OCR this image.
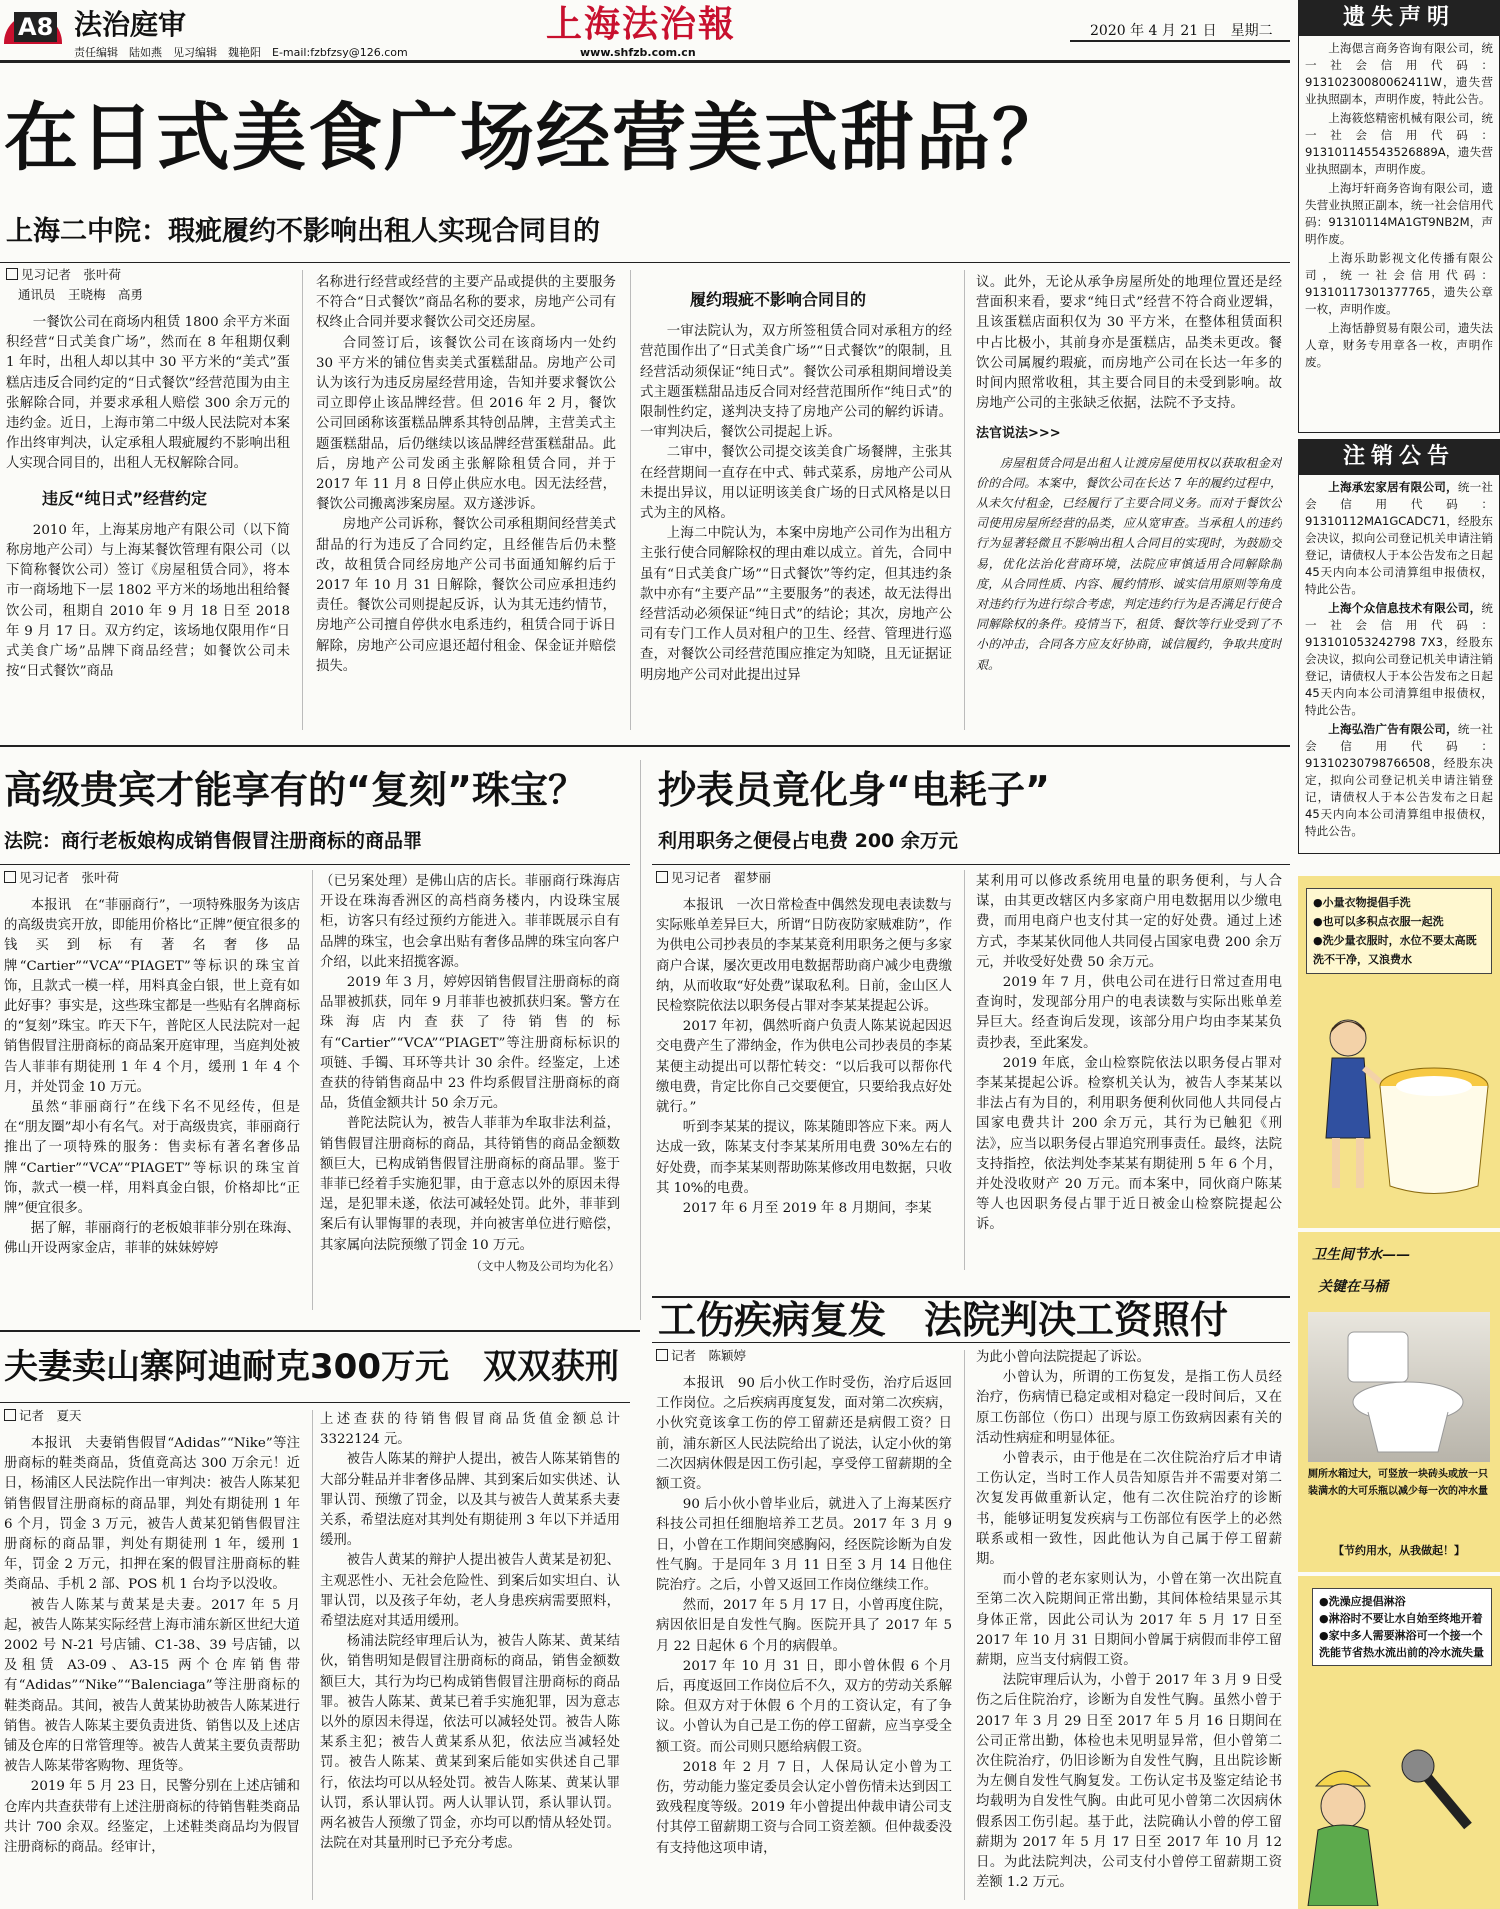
A8 法治庭审
责任编辑　陆如燕　见习编辑　魏艳阳　E-mail:fzbfzsy@126.com
上海法治報
www.shfzb.com.cn
2020 年 4 月 21 日　星期二
在日式美食广场经营美式甜品？
上海二中院：瑕疵履约不影响出租人实现合同目的
见习记者　张叶荷
通讯员　王晓梅　高勇

一餐饮公司在商场内租赁 1800 余平方米面积经营“日式美食广场”，然而在 8 年租期仅剩 1 年时，出租人却以其中 30 平方米的“美式”蛋糕店违反合同约定的“日式餐饮”经营范围为由主张解除合同，并要求承租人赔偿 300 余万元的违约金。近日，上海市第二中级人民法院对本案作出终审判决，认定承租人瑕疵履约不影响出租人实现合同目的，出租人无权解除合同。

违反“纯日式”经营约定

2010 年，上海某房地产有限公司（以下简称房地产公司）与上海某餐饮管理有限公司（以下简称餐饮公司）签订《房屋租赁合同》，将本市一商场地下一层 1802 平方米的场地出租给餐饮公司，租期自 2010 年 9 月 18 日至 2018 年 9 月 17 日。双方约定，该场地仅限用作“日式美食广场”品牌下商品经营；如餐饮公司未按“日式餐饮”商品

名称进行经营或经营的主要产品或提供的主要服务不符合“日式餐饮”商品名称的要求，房地产公司有权终止合同并要求餐饮公司交还房屋。

合同签订后，该餐饮公司在该商场内一处约 30 平方米的铺位售卖美式蛋糕甜品。房地产公司认为该行为违反房屋经营用途，告知并要求餐饮公司立即停止该品牌经营。但 2016 年 2 月，餐饮公司回函称该蛋糕品牌系其特创品牌，主营美式主题蛋糕甜品，后仍继续以该品牌经营蛋糕甜品。此后，房地产公司发函主张解除租赁合同，并于 2017 年 11 月 8 日停止供应水电。因无法经营，餐饮公司搬离涉案房屋。双方遂涉诉。

房地产公司诉称，餐饮公司承租期间经营美式甜品的行为违反了合同约定，且经催告后仍未整改，故租赁合同经房地产公司书面通知解约后于 2017 年 10 月 31 日解除，餐饮公司应承担违约责任。餐饮公司则提起反诉，认为其无违约情节，房地产公司擅自停供水电系违约，租赁合同于诉日解除，房地产公司应退还超付租金、保金证并赔偿损失。

履约瑕疵不影响合同目的

一审法院认为，双方所签租赁合同对承租方的经营范围作出了“日式美食广场”“日式餐饮”的限制，且经营活动须保证“纯日式”。餐饮公司承租期间增设美式主题蛋糕甜品违反合同对经营范围所作“纯日式”的限制性约定，遂判决支持了房地产公司的解约诉请。一审判决后，餐饮公司提起上诉。

二审中，餐饮公司提交该美食广场餐牌，主张其在经营期间一直存在中式、韩式菜系，房地产公司从未提出异议，用以证明该美食广场的日式风格是以日式为主的风格。

上海二中院认为，本案中房地产公司作为出租方主张行使合同解除权的理由难以成立。首先，合同中虽有“日式美食广场”“日式餐饮”等约定，但其违约条款中亦有“主要产品”“主要服务”的表述，故无法得出经营活动必须保证“纯日式”的结论；其次，房地产公司有专门工作人员对租户的卫生、经营、管理进行巡查，对餐饮公司经营范围应推定为知晓，且无证据证明房地产公司对此提出过异

议。此外，无论从承争房屋所处的地理位置还是经营面积来看，要求“纯日式”经营不符合商业逻辑，且该蛋糕店面积仅为 30 平方米，在整体租赁面积中占比极小，其前身亦是蛋糕店，品类未更改。餐饮公司属履约瑕疵，而房地产公司在长达一年多的时间内照常收租，其主要合同目的未受到影响。故房地产公司的主张缺乏依据，法院不予支持。

法官说法>>>

房屋租赁合同是出租人让渡房屋使用权以获取租金对价的合同。本案中，餐饮公司在长达 7 年的履约过程中，从未欠付租金，已经履行了主要合同义务。而对于餐饮公司使用房屋所经营的品类，应从宽审查。当承租人的违约行为显著轻微且不影响出租人合同目的实现时，为鼓励交易，优化法治化营商环境，法院应审慎适用合同解除制度，从合同性质、内容、履约情形、诚实信用原则等角度对违约行为进行综合考虑，判定违约行为是否满足行使合同解除权的条件。疫情当下，租赁、餐饮等行业受到了不小的冲击，合同各方应友好协商，诚信履约，争取共度时艰。

高级贵宾才能享有的“复刻”珠宝？
法院：商行老板娘构成销售假冒注册商标的商品罪
见习记者　张叶荷

本报讯　在“菲丽商行”，一项特殊服务为该店的高级贵宾开放，即能用价格比“正牌”便宜很多的钱买到标有著名奢侈品牌“Cartier”“VCA”“PIAGET”等标识的珠宝首饰，且款式一模一样，用料真金白银，世上竟有如此好事？事实是，这些珠宝都是一些贴有名牌商标的“复刻”珠宝。昨天下午，普陀区人民法院对一起销售假冒注册商标的商品案开庭审理，当庭判处被告人菲菲有期徒刑 1 年 4 个月，缓刑 1 年 4 个月，并处罚金 10 万元。

虽然“菲丽商行”在线下名不见经传，但是在“朋友圈”却小有名气。对于高级贵宾，菲丽商行推出了一项特殊的服务：售卖标有著名奢侈品牌“Cartier”“VCA”“PIAGET”等标识的珠宝首饰，款式一模一样，用料真金白银，价格却比“正牌”便宜很多。

据了解，菲丽商行的老板娘菲菲分别在珠海、佛山开设两家金店，菲菲的妹妹婷婷

（已另案处理）是佛山店的店长。菲丽商行珠海店开设在珠海香洲区的高档商务楼内，内设珠宝展柜，访客只有经过预约方能进入。菲菲既展示自有品牌的珠宝，也会拿出贴有奢侈品牌的珠宝向客户介绍，以此来招揽客源。

2019 年 3 月，婷婷因销售假冒注册商标的商品罪被抓获，同年 9 月菲菲也被抓获归案。警方在珠海店内查获了待销售的标有“Cartier”“VCA”“PIAGET”等注册商标标识的项链、手镯、耳环等共计 30 余件。经鉴定，上述查获的待销售商品中 23 件均系假冒注册商标的商品，货值金额共计 50 余万元。

普陀法院认为，被告人菲菲为牟取非法利益，销售假冒注册商标的商品，其待销售的商品金额数额巨大，已构成销售假冒注册商标的商品罪。鉴于菲菲已经着手实施犯罪，由于意志以外的原因未得逞，是犯罪未遂，依法可减轻处罚。此外，菲菲到案后有认罪悔罪的表现，并向被害单位进行赔偿，其家属向法院预缴了罚金 10 万元。

（文中人物及公司均为化名）

抄表员竟化身“电耗子”
利用职务之便侵占电费 200 余万元
见习记者　翟梦丽

本报讯　一次日常检查中偶然发现电表读数与实际账单差异巨大，所谓“日防夜防家贼难防”，作为供电公司抄表员的李某某竟利用职务之便与多家商户合谋，屡次更改用电数据帮助商户减少电费缴纳，从而收取“好处费”谋取私利。日前，金山区人民检察院依法以职务侵占罪对李某某提起公诉。

2017 年初，偶然听商户负责人陈某说起因迟交电费产生了滞纳金，作为供电公司抄表员的李某某便主动提出可以帮忙转交：“以后我可以帮你代缴电费，肯定比你自己交要便宜，只要给我点好处就行。”

听到李某某的提议，陈某随即答应下来。两人达成一致，陈某支付李某某所用电费 30%左右的好处费，而李某某则帮助陈某修改用电数据，只收其 10%的电费。

2017 年 6 月至 2019 年 8 月期间，李某

某利用可以修改系统用电量的职务便利，与人合谋，由其更改辖区内多家商户用电数据用以少缴电费，而用电商户也支付其一定的好处费。通过上述方式，李某某伙同他人共同侵占国家电费 200 余万元，并收受好处费 50 余万元。

2019 年 7 月，供电公司在进行日常过查用电查询时，发现部分用户的电表读数与实际出账单差异巨大。经查询后发现，该部分用户均由李某某负责抄表，至此案发。

2019 年底，金山检察院依法以职务侵占罪对李某某提起公诉。检察机关认为，被告人李某某以非法占有为目的，利用职务便利伙同他人共同侵占国家电费共计 200 余万元，其行为已触犯《刑法》，应当以职务侵占罪追究刑事责任。最终，法院支持指控，依法判处李某某有期徒刑 5 年 6 个月，并处没收财产 20 万元。而本案中，同伙商户陈某等人也因职务侵占罪于近日被金山检察院提起公诉。

夫妻卖山寨阿迪耐克300万元　双双获刑
记者　夏天

本报讯　夫妻销售假冒“Adidas”“Nike”等注册商标的鞋类商品，货值竟高达 300 万余元！近日，杨浦区人民法院作出一审判决：被告人陈某犯销售假冒注册商标的商品罪，判处有期徒刑 1 年 6 个月，罚金 3 万元，被告人黄某犯销售假冒注册商标的商品罪，判处有期徒刑 1 年，缓刑 1 年，罚金 2 万元，扣押在案的假冒注册商标的鞋类商品、手机 2 部、POS 机 1 台均予以没收。

被告人陈某与黄某是夫妻。2017 年 5 月起，被告人陈某实际经营上海市浦东新区世纪大道 2002 号 N-21 号店铺、C1-38、39 号店铺，以及租赁 A3-09、A3-15 两个仓库销售带有“Adidas”“Nike”“Balenciaga”等注册商标的鞋类商品。其间，被告人黄某协助被告人陈某进行销售。被告人陈某主要负责进货、销售以及上述店铺及仓库的日常管理等。被告人黄某主要负责帮助被告人陈某带客购物、理货等。

2019 年 5 月 23 日，民警分别在上述店铺和仓库内共查获带有上述注册商标的待销售鞋类商品共计 700 余双。经鉴定，上述鞋类商品均为假冒注册商标的商品。经审计，

上述查获的待销售假冒商品货值金额总计 3322124 元。

被告人陈某的辩护人提出，被告人陈某销售的大部分鞋品并非奢侈品牌、其到案后如实供述、认罪认罚、预缴了罚金，以及其与被告人黄某系夫妻关系，希望法庭对其判处有期徒刑 3 年以下并适用缓刑。

被告人黄某的辩护人提出被告人黄某是初犯、主观恶性小、无社会危险性、到案后如实坦白、认罪认罚，以及孩子年幼，老人身患疾病需要照料，希望法庭对其适用缓刑。

杨浦法院经审理后认为，被告人陈某、黄某结伙，销售明知是假冒注册商标的商品，销售金额数额巨大，其行为均已构成销售假冒注册商标的商品罪。被告人陈某、黄某已着手实施犯罪，因为意志以外的原因未得逞，依法可以减轻处罚。被告人陈某系主犯；被告人黄某系从犯，依法应当减轻处罚。被告人陈某、黄某到案后能如实供述自己罪行，依法均可以从轻处罚。被告人陈某、黄某认罪认罚，系认罪认罚。两人认罪认罚，系认罪认罚。两名被告人预缴了罚金，亦均可以酌情从轻处罚。法院在对其量刑时已予充分考虑。

工伤疾病复发　法院判决工资照付
记者　陈颖婷

本报讯　90 后小伙工作时受伤，治疗后返回工作岗位。之后疾病再度复发，面对第二次疾病，小伙究竟该拿工伤的停工留薪还是病假工资？日前，浦东新区人民法院给出了说法，认定小伙的第二次因病休假是因工伤引起，享受停工留薪期的全额工资。

90 后小伙小曾毕业后，就进入了上海某医疗科技公司担任细胞培养工艺员。2017 年 3 月 9 日，小曾在工作期间突感胸闷，经医院诊断为自发性气胸。于是同年 3 月 11 日至 3 月 14 日他住院治疗。之后，小曾又返回工作岗位继续工作。

然而，2017 年 5 月 17 日，小曾再度住院，病因依旧是自发性气胸。医院开具了 2017 年 5 月 22 日起休 6 个月的病假单。

2017 年 10 月 31 日，即小曾休假 6 个月后，再度返回工作岗位后不久，双方的劳动关系解除。但双方对于休假 6 个月的工资认定，有了争议。小曾认为自己是工伤的停工留薪，应当享受全额工资。而公司则只愿给病假工资。

2018 年 2 月 7 日，人保局认定小曾为工伤，劳动能力鉴定委员会认定小曾伤情未达到因工致残程度等级。2019 年小曾提出仲裁申请公司支付其停工留薪期工资与合同工资差额。但仲裁委没有支持他这项申请，

为此小曾向法院提起了诉讼。

小曾认为，所谓的工伤复发，是指工伤人员经治疗，伤病情已稳定或相对稳定一段时间后，又在原工伤部位（伤口）出现与原工伤致病因素有关的活动性病症和明显体征。

小曾表示，由于他是在二次住院治疗后才申请工伤认定，当时工作人员告知原告并不需要对第二次复发再做重新认定，他有二次住院治疗的诊断书，能够证明复发疾病与工伤部位有医学上的必然联系或相一致性，因此他认为自己属于停工留薪期。

而小曾的老东家则认为，小曾在第一次出院直至第二次入院期间正常出勤，其间体检结果显示其身体正常，因此公司认为 2017 年 5 月 17 日至 2017 年 10 月 31 日期间小曾属于病假而非停工留薪期，应当支付病假工资。

法院审理后认为，小曾于 2017 年 3 月 9 日受伤之后住院治疗，诊断为自发性气胸。虽然小曾于 2017 年 3 月 29 日至 2017 年 5 月 16 日期间在公司正常出勤，体检也未见明显异常，但小曾第二次住院治疗，仍旧诊断为自发性气胸，且出院诊断为左侧自发性气胸复发。工伤认定书及鉴定结论书均载明为自发性气胸。由此可见小曾第二次因病休假系因工伤引起。基于此，法院确认小曾的停工留薪期为 2017 年 5 月 17 日至 2017 年 10 月 12 日。为此法院判决，公司支付小曾停工留薪期工资差额 1.2 万元。

遗失声明

上海偲言商务咨询有限公司，统一社会信用代码：91310230080062411W，遗失营业执照副本，声明作废，特此公告。

上海筱悠精密机械有限公司，统一社会信用代码：913101145543526889A，遗失营业执照副本，声明作废。

上海圩轩商务咨询有限公司，遗失营业执照正副本，统一社会信用代码：91310114MA1GT9NB2M，声明作废。

上海乐助影视文化传播有限公司，统一社会信用代码：91310117301377765，遗失公章一枚，声明作废。

上海恬静贸易有限公司，遗失法人章，财务专用章各一枚，声明作废。

注销公告

上海承宏家居有限公司，统一社会信用代码：91310112MA1GCADC71，经股东会决议，拟向公司登记机关申请注销登记，请债权人于本公告发布之日起45天内向本公司清算组申报债权，特此公告。

上海个众信息技术有限公司，统一社会信用代码：913101053242798 7X3，经股东会决议，拟向公司登记机关申请注销登记，请债权人于本公告发布之日起45天内向本公司清算组申报债权，特此公告。

上海弘浩广告有限公司，统一社会信用代码：91310230798766508，经股东决定，拟向公司登记机关申请注销登记，请债权人于本公告发布之日起45天内向本公司清算组申报债权，特此公告。

●小量衣物提倡手洗
●也可以多积点衣服一起洗
●洗少量衣服时，水位不要太高既洗不干净，又浪费水
卫生间节水——
关键在马桶
厕所水箱过大，可竖放一块砖头或放一只装满水的大可乐瓶以减少每一次的冲水量
【节约用水，从我做起！】
●洗澡应提倡淋浴
●淋浴时不要让水自始至终地开着
●家中多人需要淋浴可一个接一个洗能节省热水流出前的冷水流失量
